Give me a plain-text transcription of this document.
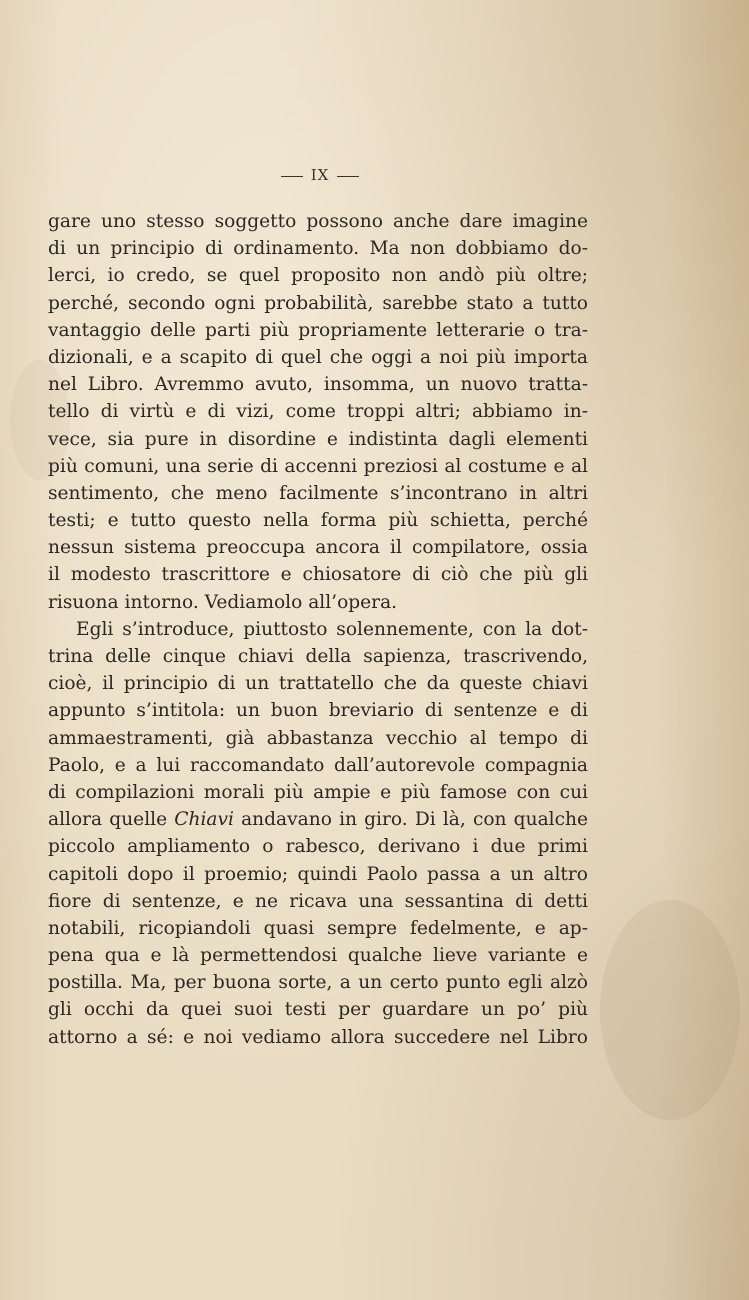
IX
gare uno stesso soggetto possono anche dare imagine
di un principio di ordinamento. Ma non dobbiamo do-
lerci, io credo, se quel proposito non andò più oltre;
perché, secondo ogni probabilità, sarebbe stato a tutto
vantaggio delle parti più propriamente letterarie o tra-
dizionali, e a scapito di quel che oggi a noi più importa
nel Libro. Avremmo avuto, insomma, un nuovo tratta-
tello di virtù e di vizi, come troppi altri; abbiamo in-
vece, sia pure in disordine e indistinta dagli elementi
più comuni, una serie di accenni preziosi al costume e al
sentimento, che meno facilmente s’incontrano in altri
testi; e tutto questo nella forma più schietta, perché
nessun sistema preoccupa ancora il compilatore, ossia
il modesto trascrittore e chiosatore di ciò che più gli
risuona intorno. Vediamolo all’opera.
Egli s’introduce, piuttosto solennemente, con la dot-
trina delle cinque chiavi della sapienza, trascrivendo,
cioè, il principio di un trattatello che da queste chiavi
appunto s’intitola: un buon breviario di sentenze e di
ammaestramenti, già abbastanza vecchio al tempo di
Paolo, e a lui raccomandato dall’autorevole compagnia
di compilazioni morali più ampie e più famose con cui
allora quelle Chiavi andavano in giro. Di là, con qualche
piccolo ampliamento o rabesco, derivano i due primi
capitoli dopo il proemio; quindi Paolo passa a un altro
fiore di sentenze, e ne ricava una sessantina di detti
notabili, ricopiandoli quasi sempre fedelmente, e ap-
pena qua e là permettendosi qualche lieve variante e
postilla. Ma, per buona sorte, a un certo punto egli alzò
gli occhi da quei suoi testi per guardare un po’ più
attorno a sé: e noi vediamo allora succedere nel Libro
